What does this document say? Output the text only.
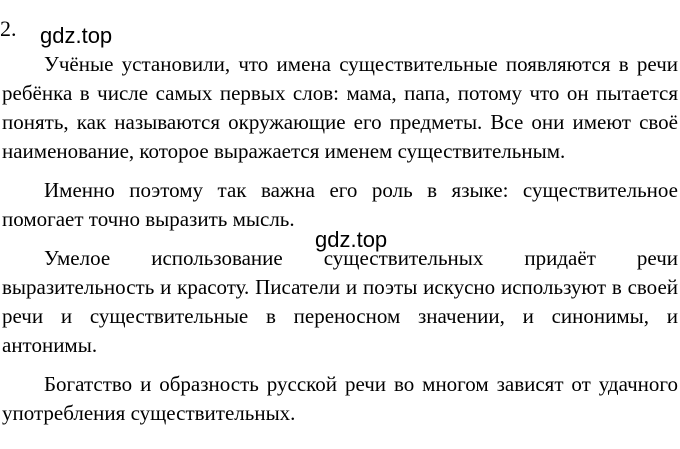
2. gdz.top

Учёные установили, что имена существительные появляются в речи ребёнка в числе самых первых слов: мама, папа, потому что он пытается понять, как называются окружающие его предметы. Все они имеют своё наименование, которое выражается именем существительным.

Именно поэтому так важна его роль в языке: существительное помогает точно выразить мысль.

Умелое использование существительных придаёт речи выразительность и красоту. Писатели и поэты искусно используют в своей речи и существительные в переносном значении, и синонимы, и антонимы.

Богатство и образность русской речи во многом зависят от удачного употребления существительных.

gdz.top
